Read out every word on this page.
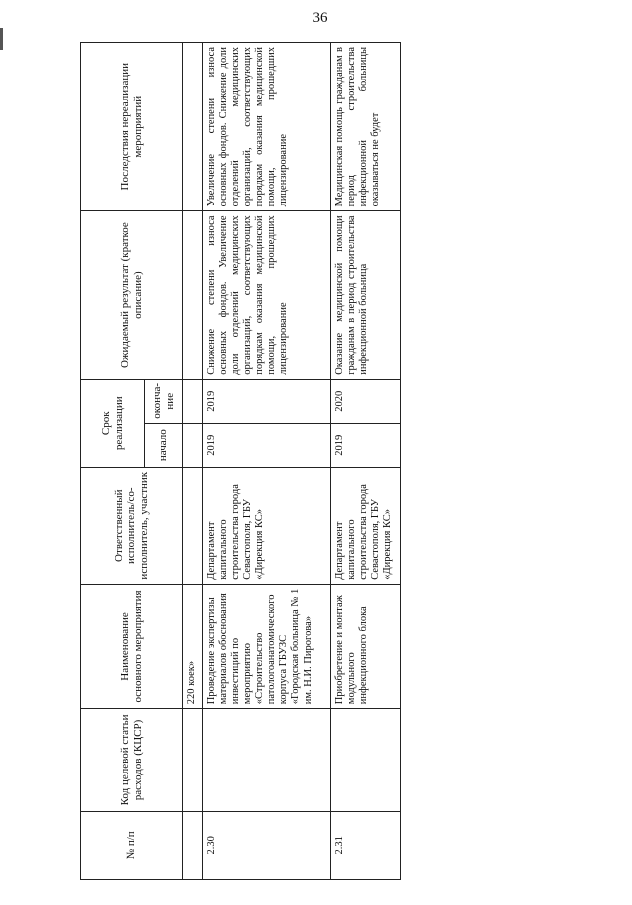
36
№ п/п	Код целевой статьи расходов (КЦСР)	Наименование основного мероприятия	Ответственный исполнитель/со-исполнитель, участник	Срок реализации		Ожидаемый результат (краткое описание)	Последствия нереализации мероприятий
				начало	оконча-ние		
		220 коек»					
2.30		Проведение экспертизы материалов обоснования инвестиций по мероприятию «Строительство патологоанатомического корпуса ГБУЗС «Городская больница № 1 им. Н.И. Пирогова»	Департамент капитального строительства города Севастополя, ГБУ «Дирекция КС»	2019	2019	Снижение степени износа основных фондов. Увеличение доли отделений медицинских организаций, соответствующих порядкам оказания медицинской помощи, прошедших лицензирование	Увеличение степени износа основных фондов. Снижение доли отделений медицинских организаций, соответствующих порядкам оказания медицинской помощи, прошедших лицензирование
2.31		Приобретение и монтаж модульного инфекционного блока	Департамент капитального строительства города Севастополя, ГБУ «Дирекция КС»	2019	2020	Оказание медицинской помощи гражданам в период строительства инфекционной больница	Медицинская помощь гражданам в период строительства инфекционной больницы оказываться не будет
